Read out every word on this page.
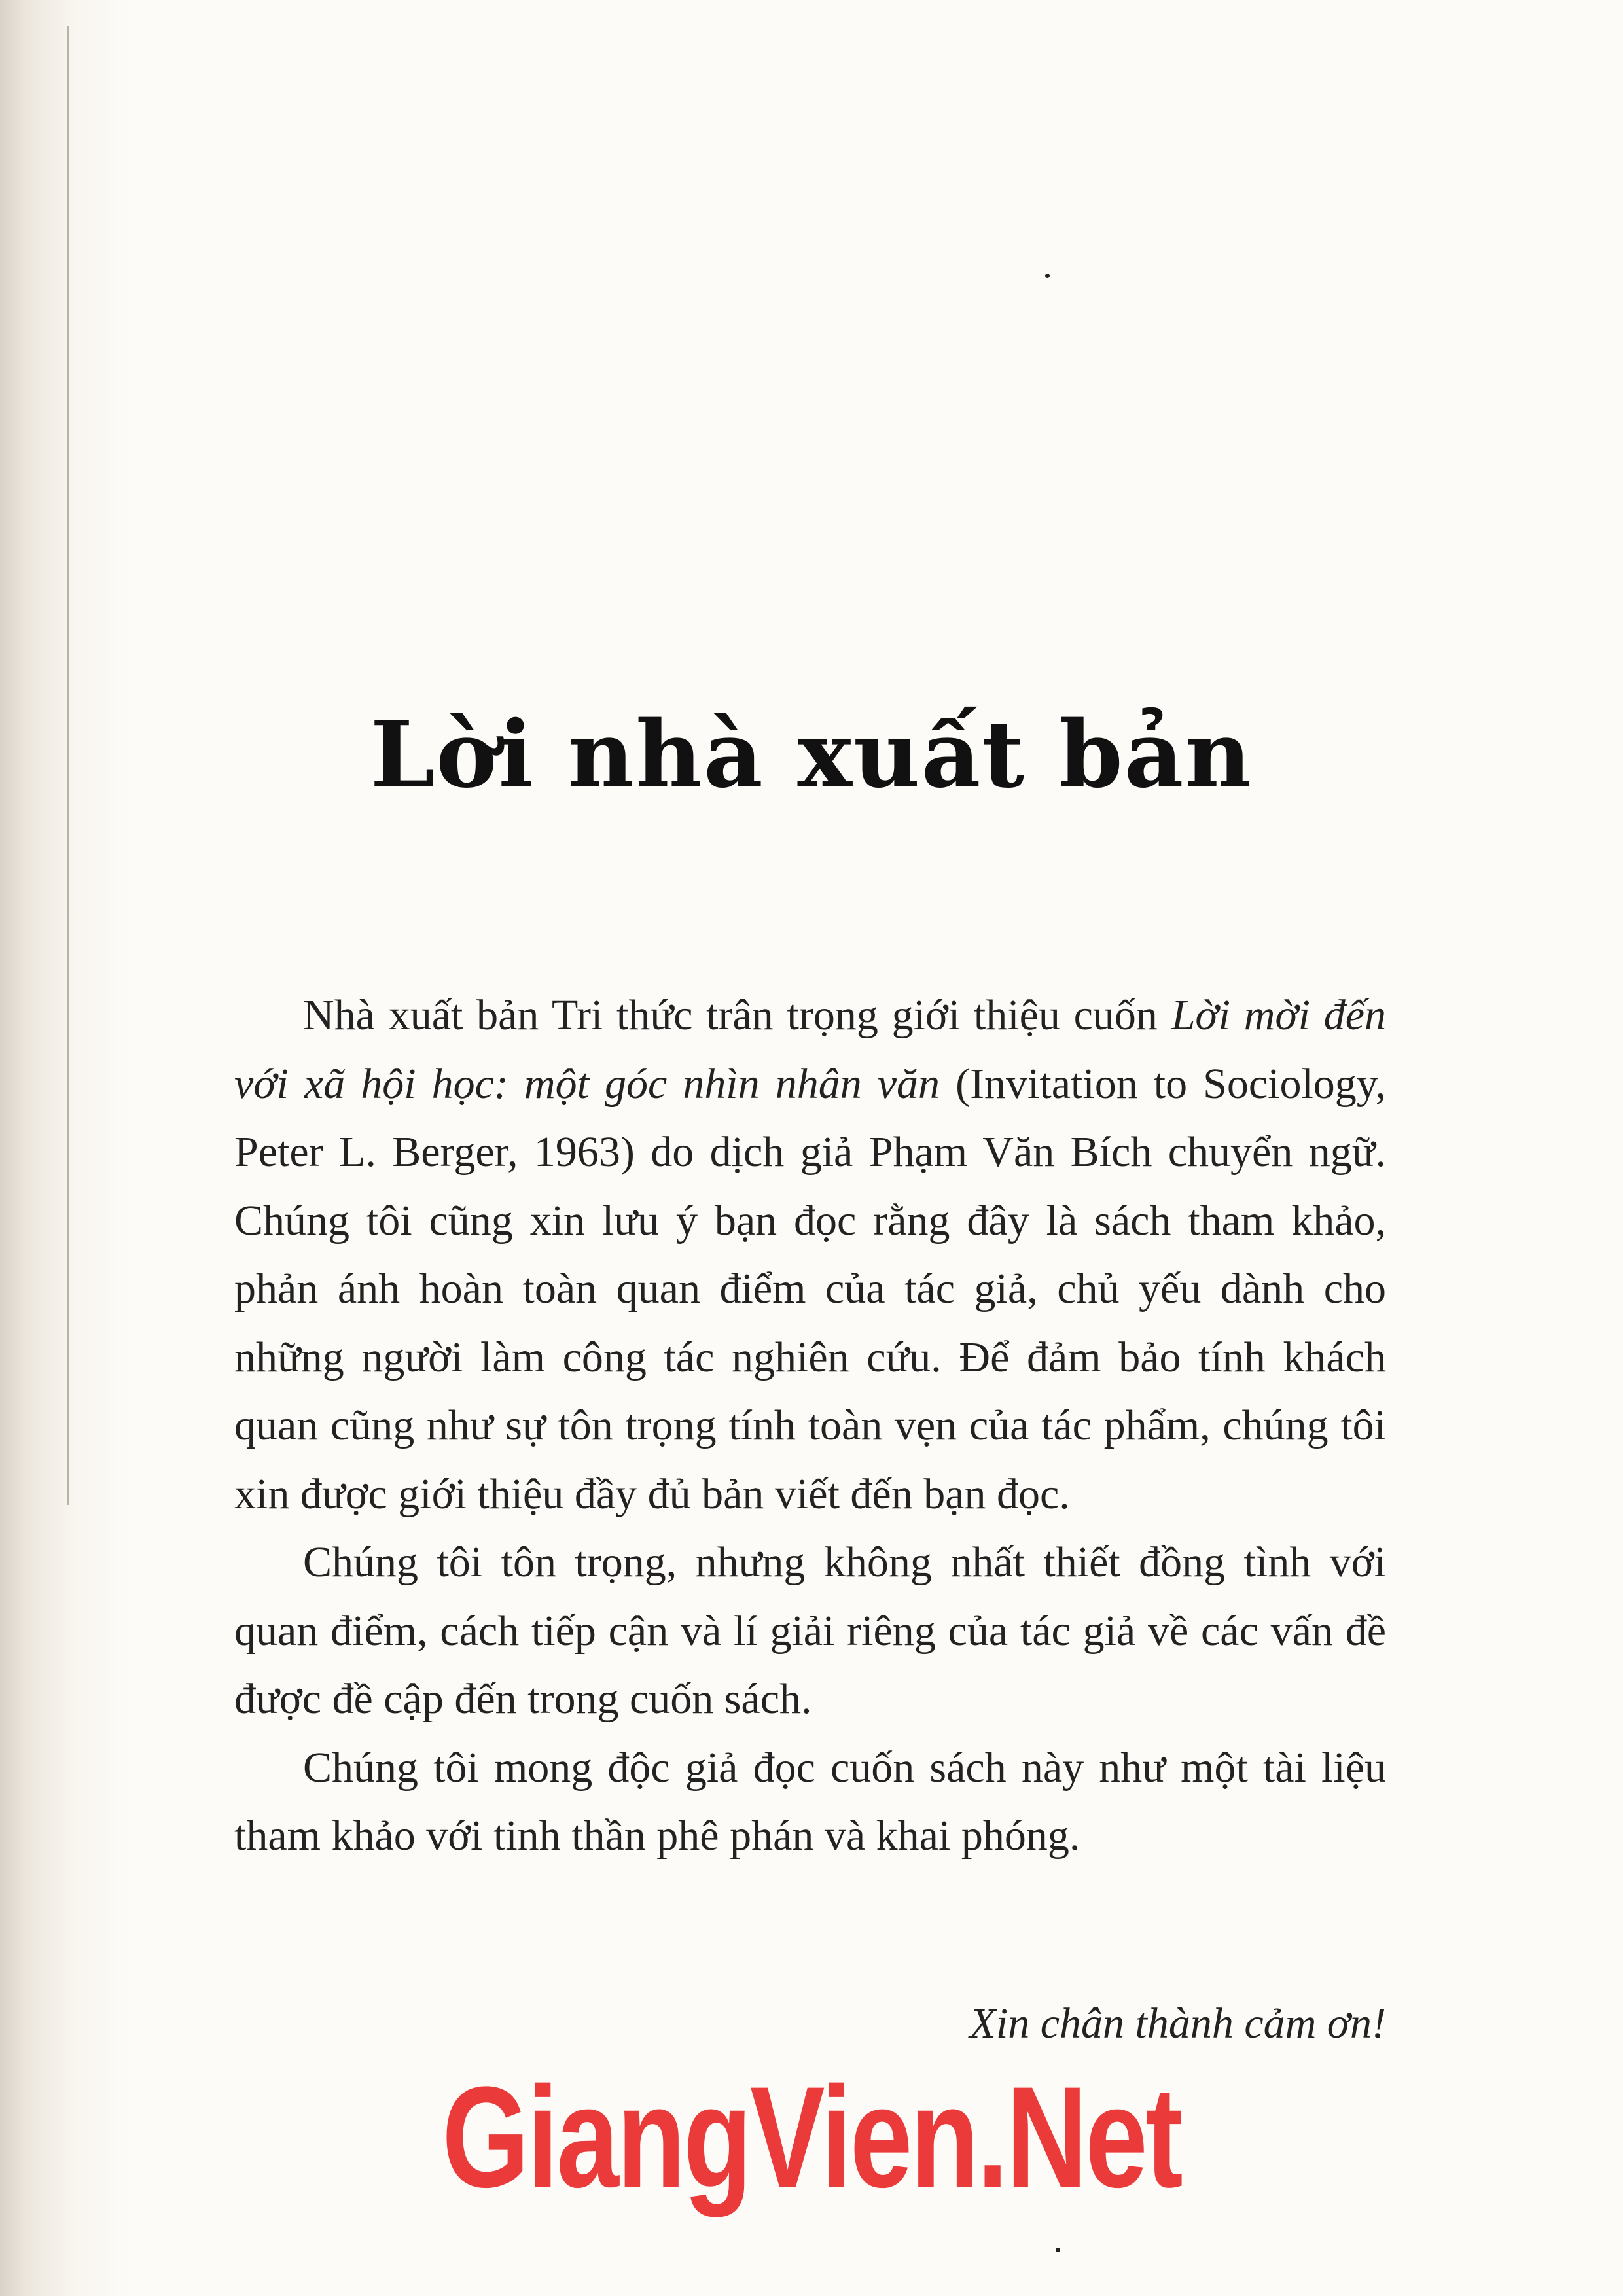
Lời nhà xuất bản

Nhà xuất bản Tri thức trân trọng giới thiệu cuốn Lời mời đến với xã hội học: một góc nhìn nhân văn (Invitation to Sociology, Peter L. Berger, 1963) do dịch giả Phạm Văn Bích chuyển ngữ. Chúng tôi cũng xin lưu ý bạn đọc rằng đây là sách tham khảo, phản ánh hoàn toàn quan điểm của tác giả, chủ yếu dành cho những người làm công tác nghiên cứu. Để đảm bảo tính khách quan cũng như sự tôn trọng tính toàn vẹn của tác phẩm, chúng tôi xin được giới thiệu đầy đủ bản viết đến bạn đọc.

Chúng tôi tôn trọng, nhưng không nhất thiết đồng tình với quan điểm, cách tiếp cận và lí giải riêng của tác giả về các vấn đề được đề cập đến trong cuốn sách.

Chúng tôi mong độc giả đọc cuốn sách này như một tài liệu tham khảo với tinh thần phê phán và khai phóng.

Xin chân thành cảm ơn!
GiangVien.Net
